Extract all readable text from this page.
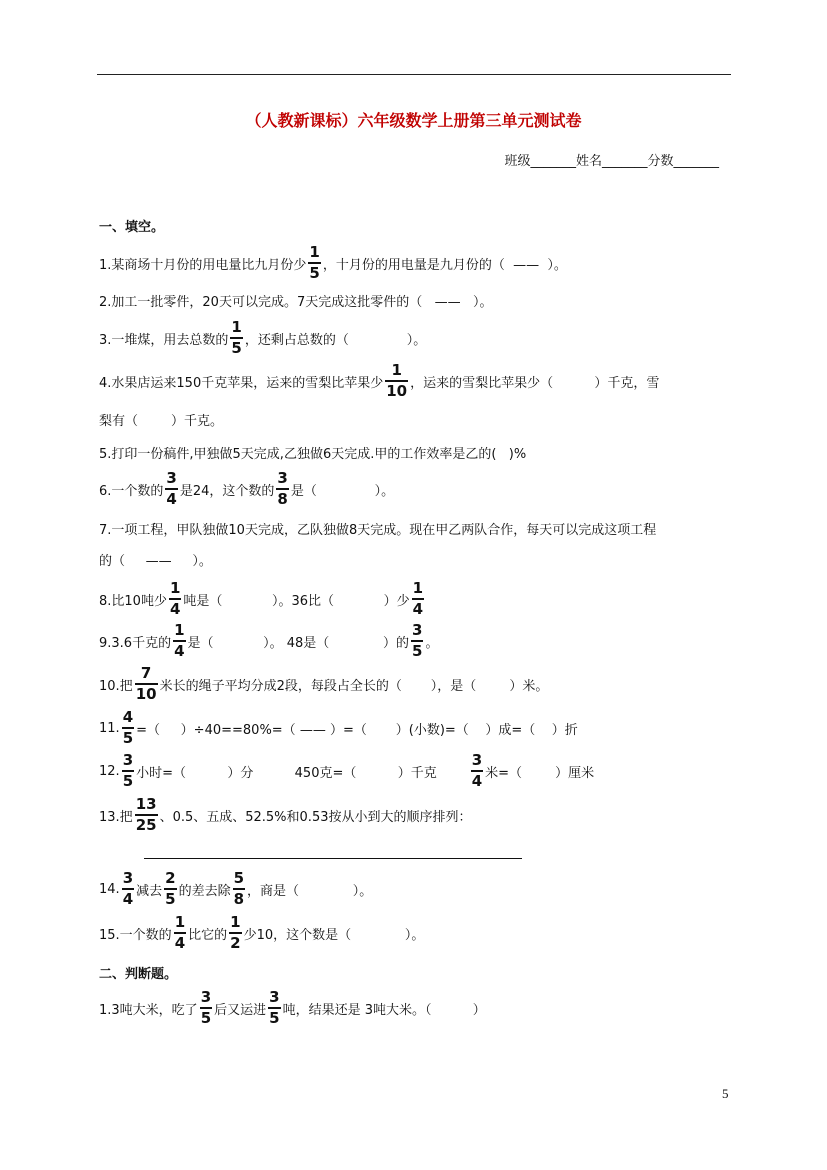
（人教新课标）六年级数学上册第三单元测试卷
班级_______姓名_______分数_______
一、填空。
1.某商场十月份的用电量比九月份少 $\frac{1}{5}$ ，十月份的用电量是九月份的（  ——  ）。
2.加工一批零件，20天可以完成。7天完成这批零件的（   ——   ）。
3.一堆煤，用去总数的 $\frac{1}{5}$ ，还剩占总数的（              ）。
4.水果店运来150千克苹果，运来的雪梨比苹果少 $\frac{1}{10}$ ，运来的雪梨比苹果少（          ）千克，雪
梨有（        ）千克。
5.打印一份稿件,甲独做5天完成,乙独做6天完成.甲的工作效率是乙的(   )%
6.一个数的 $\frac{3}{4}$ 是24，这个数的 $\frac{3}{8}$ 是（              ）。
7.一项工程，甲队独做10天完成，乙队独做8天完成。现在甲乙两队合作，每天可以完成这项工程
的（     ——     ）。
8.比10吨少 $\frac{1}{4}$ 吨是（            ）。36比（            ）少 $\frac{1}{4}$
9.3.6千克的 $\frac{1}{4}$ 是（            ）。 48是（             ）的 $\frac{3}{5}$ 。
10.把 $\frac{7}{10}$ 米长的绳子平均分成2段，每段占全长的（       ），是（        ）米。
11. $\frac{4}{5}$ =（     ）÷40==80%=（ —— ）=（       ）(小数)=（    ）成=（    ）折
12. $\frac{3}{5}$ 小时=（          ）分          450克=（          ）千克 $\frac{3}{4}$ 米=（        ）厘米
13.把 $\frac{13}{25}$ 、0.5、五成、52.5%和0.53按从小到大的顺序排列：
14. $\frac{3}{4}$ 减去 $\frac{2}{5}$ 的差去除 $\frac{5}{8}$ ，商是（             ）。
15.一个数的 $\frac{1}{4}$ 比它的 $\frac{1}{2}$ 少10，这个数是（             ）。
二、判断题。
1.3吨大米，吃了 $\frac{3}{5}$ 后又运进 $\frac{3}{5}$ 吨，结果还是 3吨大米。（          ）
5
